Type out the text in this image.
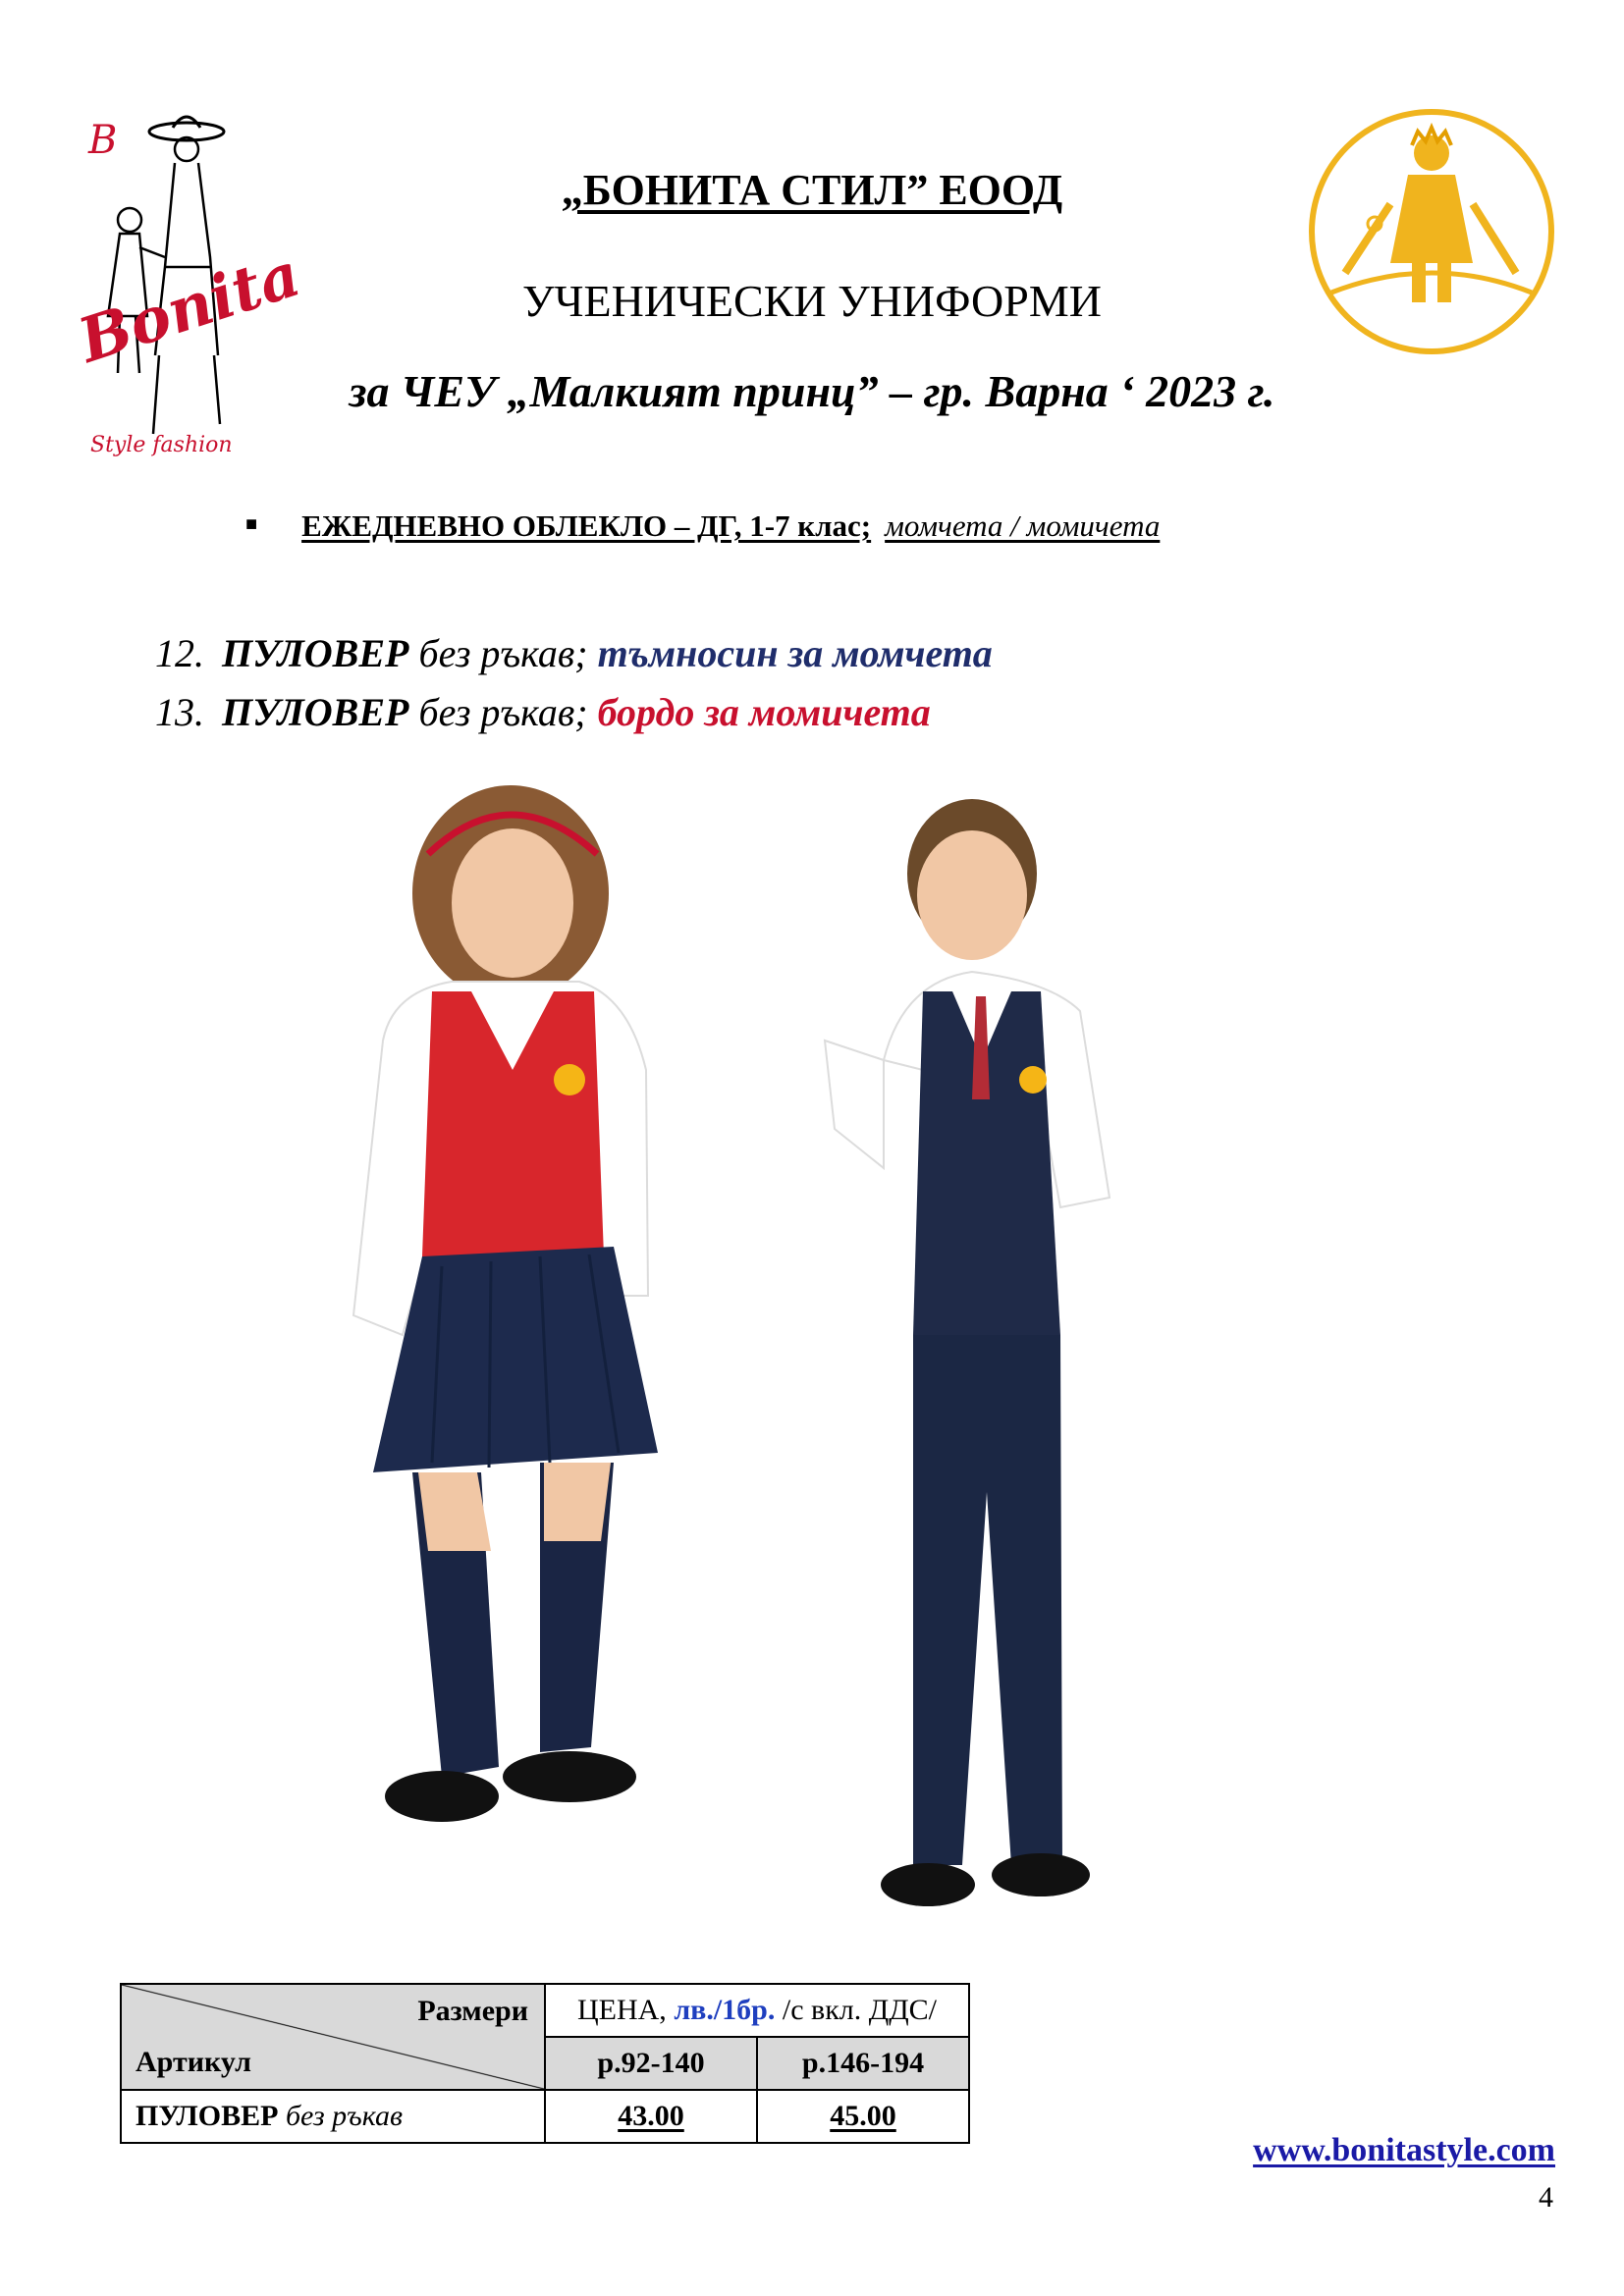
B
Bonita
Style fashion
„БОНИТА СТИЛ” ЕООД
УЧЕНИЧЕСКИ УНИФОРМИ
за ЧЕУ „Малкият принц” – гр. Варна ‘ 2023 г.
■ ЕЖЕДНЕВНО ОБЛЕКЛО – ДГ, 1-7 клас; момчета / момичета
12. ПУЛОВЕР без ръкав; тъмносин за момчета
13. ПУЛОВЕР без ръкав; бордо за момичета
Размери
Артикул	ЦЕНА, лв./1бр. /с вкл. ДДС/	
	р.92-140	р.146-194
ПУЛОВЕР без ръкав	43.00	45.00
www.bonitastyle.com
4
